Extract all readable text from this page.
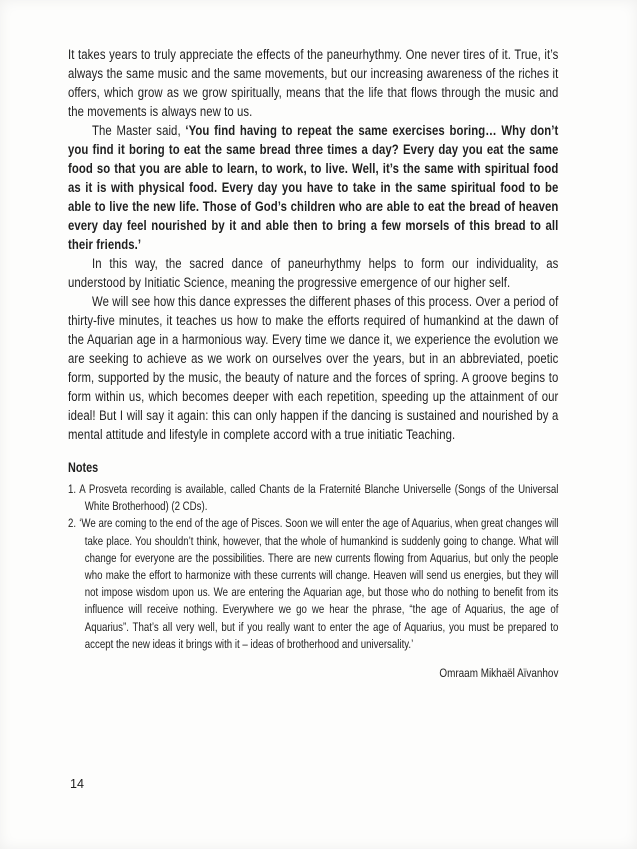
It takes years to truly appreciate the effects of the paneurhythmy. One never tires of it. True, it’s always the same music and the same movements, but our increasing awareness of the riches it offers, which grow as we grow spiritually, means that the life that flows through the music and the movements is always new to us.

The Master said, ‘You find having to repeat the same exercises boring… Why don’t you find it boring to eat the same bread three times a day? Every day you eat the same food so that you are able to learn, to work, to live. Well, it’s the same with spiritual food as it is with physical food. Every day you have to take in the same spiritual food to be able to live the new life. Those of God’s children who are able to eat the bread of heaven every day feel nourished by it and able then to bring a few morsels of this bread to all their friends.’

In this way, the sacred dance of paneurhythmy helps to form our individuality, as understood by Initiatic Science, meaning the progressive emergence of our higher self.

We will see how this dance expresses the different phases of this process. Over a period of thirty-five minutes, it teaches us how to make the efforts required of humankind at the dawn of the Aquarian age in a harmonious way. Every time we dance it, we experience the evolution we are seeking to achieve as we work on ourselves over the years, but in an abbreviated, poetic form, supported by the music, the beauty of nature and the forces of spring. A groove begins to form within us, which becomes deeper with each repetition, speeding up the attainment of our ideal! But I will say it again: this can only happen if the dancing is sustained and nourished by a mental attitude and lifestyle in complete accord with a true initiatic Teaching.

Notes
1. A Prosveta recording is available, called Chants de la Fraternité Blanche Universelle (Songs of the Universal White Brotherhood) (2 CDs).
2. ‘We are coming to the end of the age of Pisces. Soon we will enter the age of Aquarius, when great changes will take place. You shouldn’t think, however, that the whole of humankind is suddenly going to change. What will change for everyone are the possibilities. There are new currents flowing from Aquarius, but only the people who make the effort to harmonize with these currents will change. Heaven will send us energies, but they will not impose wisdom upon us. We are entering the Aquarian age, but those who do nothing to benefit from its influence will receive nothing. Everywhere we go we hear the phrase, “the age of Aquarius, the age of Aquarius”. That’s all very well, but if you really want to enter the age of Aquarius, you must be prepared to accept the new ideas it brings with it – ideas of brotherhood and universality.’
Omraam Mikhaël Aïvanhov
14
